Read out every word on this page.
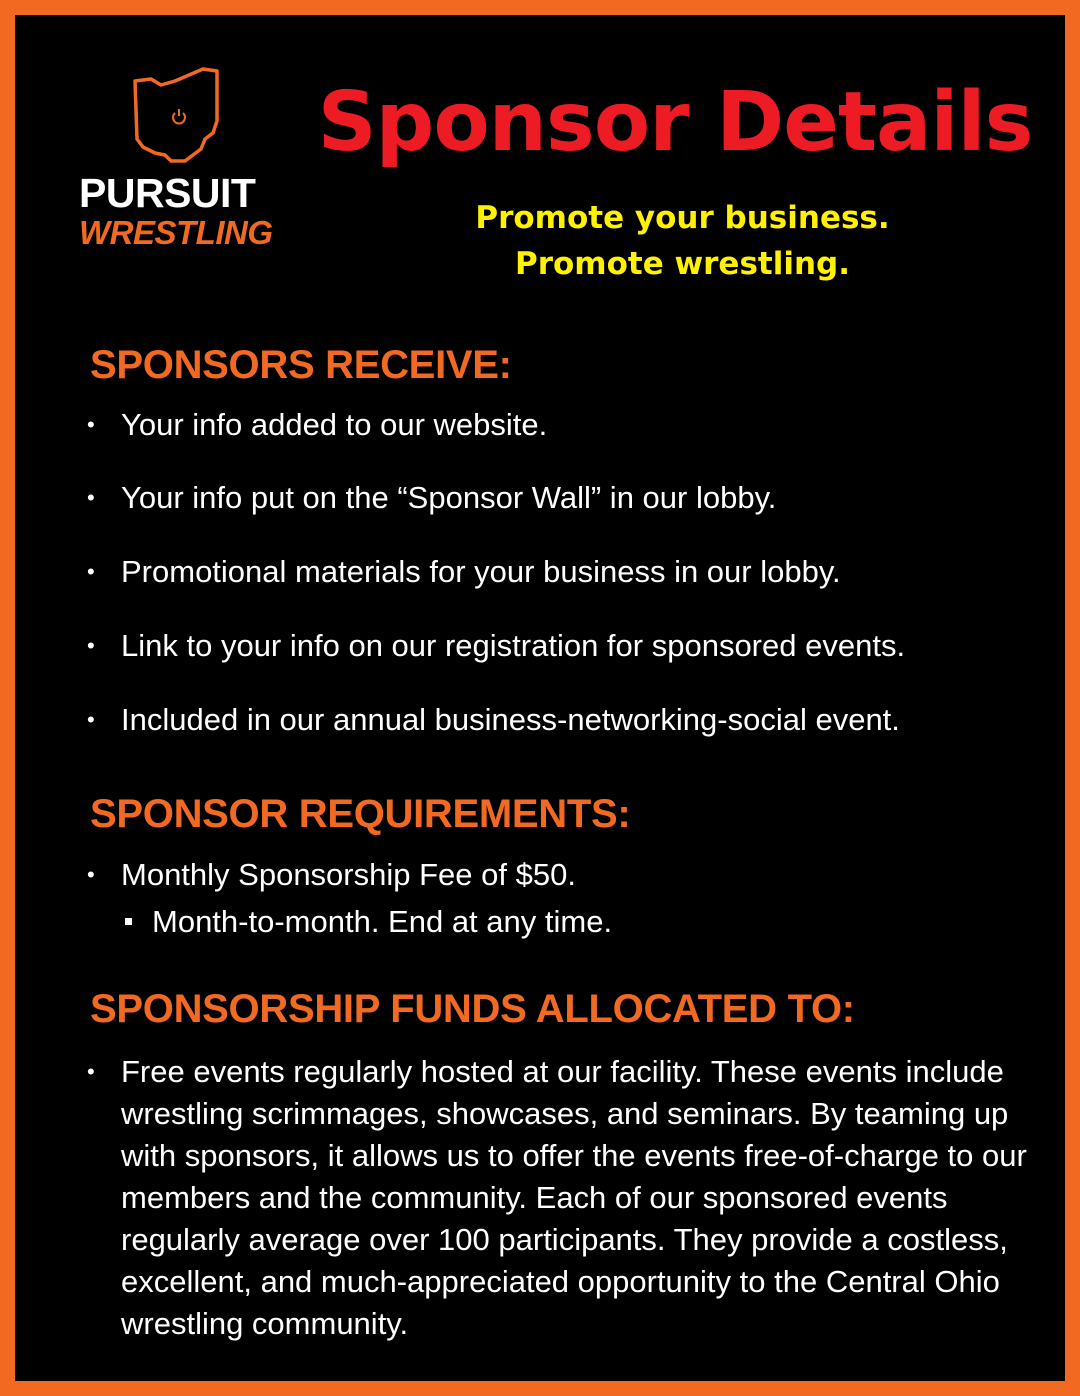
PURSUIT
WRESTLING
Sponsor Details
Promote your business.
Promote wrestling.
SPONSORS RECEIVE:
• Your info added to our website.
• Your info put on the “Sponsor Wall” in our lobby.
• Promotional materials for your business in our lobby.
• Link to your info on our registration for sponsored events.
• Included in our annual business-networking-social event.
SPONSOR REQUIREMENTS:
• Monthly Sponsorship Fee of $50.
Month-to-month. End at any time.
SPONSORSHIP FUNDS ALLOCATED TO:
• Free events regularly hosted at our facility. These events include wrestling scrimmages, showcases, and seminars. By teaming up with sponsors, it allows us to offer the events free-of-charge to our members and the community. Each of our sponsored events regularly average over 100 participants. They provide a costless, excellent, and much-appreciated opportunity to the Central Ohio wrestling community.
